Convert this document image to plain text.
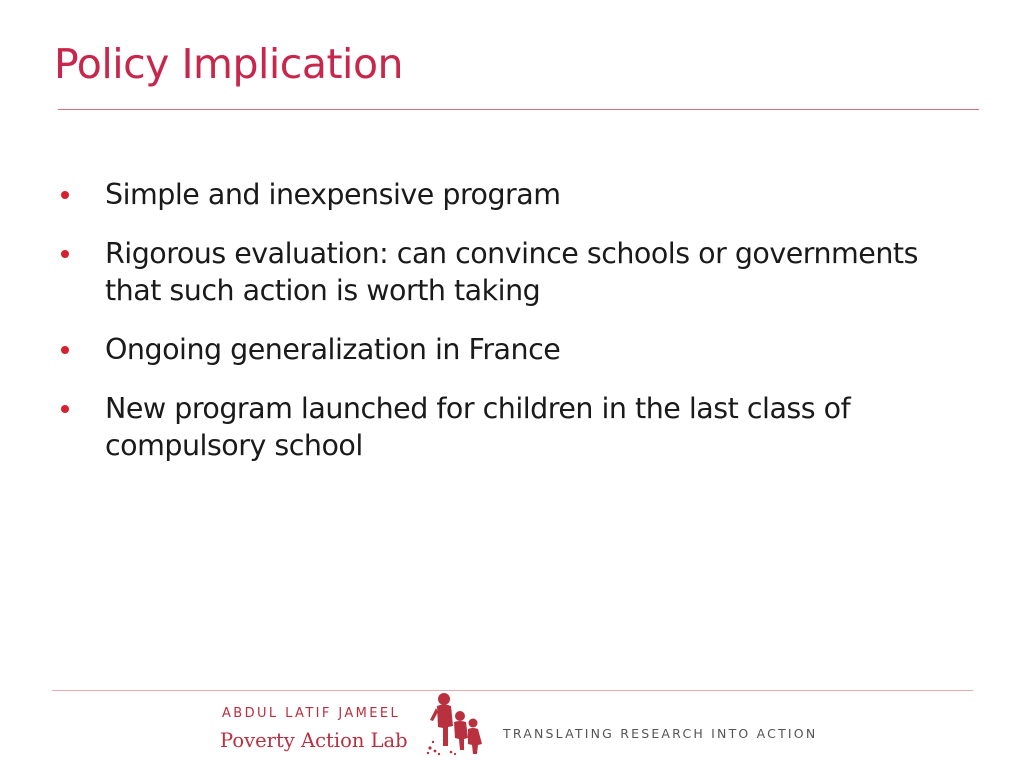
Policy Implication
Simple and inexpensive program
Rigorous evaluation: can convince schools or governments that such action is worth taking
Ongoing generalization in France
New program launched for children in the last class of compulsory school
ABDUL LATIF JAMEEL
Poverty Action Lab	TRANSLATING RESEARCH INTO ACTION
